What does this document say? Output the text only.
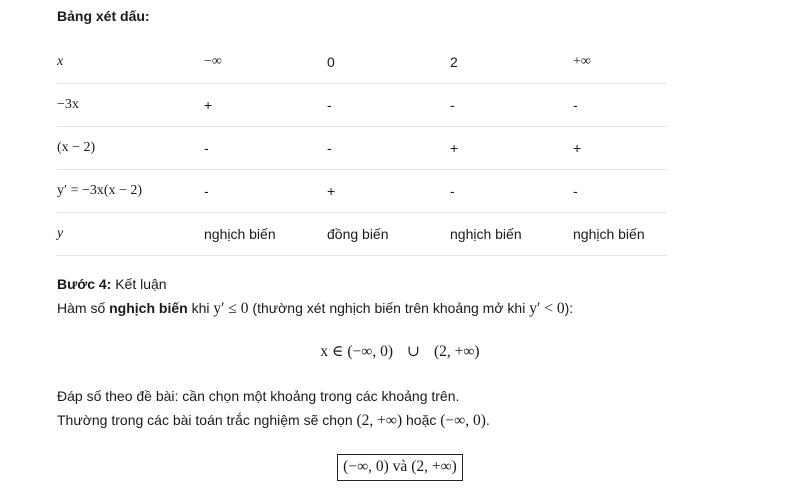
Bảng xét dấu:
x	−∞	0	2	+∞
−3x	+	-	-	-
(x − 2)	-	-	+	+
y′ = −3x(x − 2)	-	+	-	-
y	nghịch biến	đồng biến	nghịch biến	nghịch biến
Bước 4: Kết luận
Hàm số nghịch biến khi y′ ≤ 0 (thường xét nghịch biến trên khoảng mở khi y′ < 0):
x ∈ (−∞, 0) ∪ (2, +∞)
Đáp số theo đề bài: cần chọn một khoảng trong các khoảng trên.
Thường trong các bài toán trắc nghiệm sẽ chọn (2, +∞) hoặc (−∞, 0).
(−∞, 0) và (2, +∞)
